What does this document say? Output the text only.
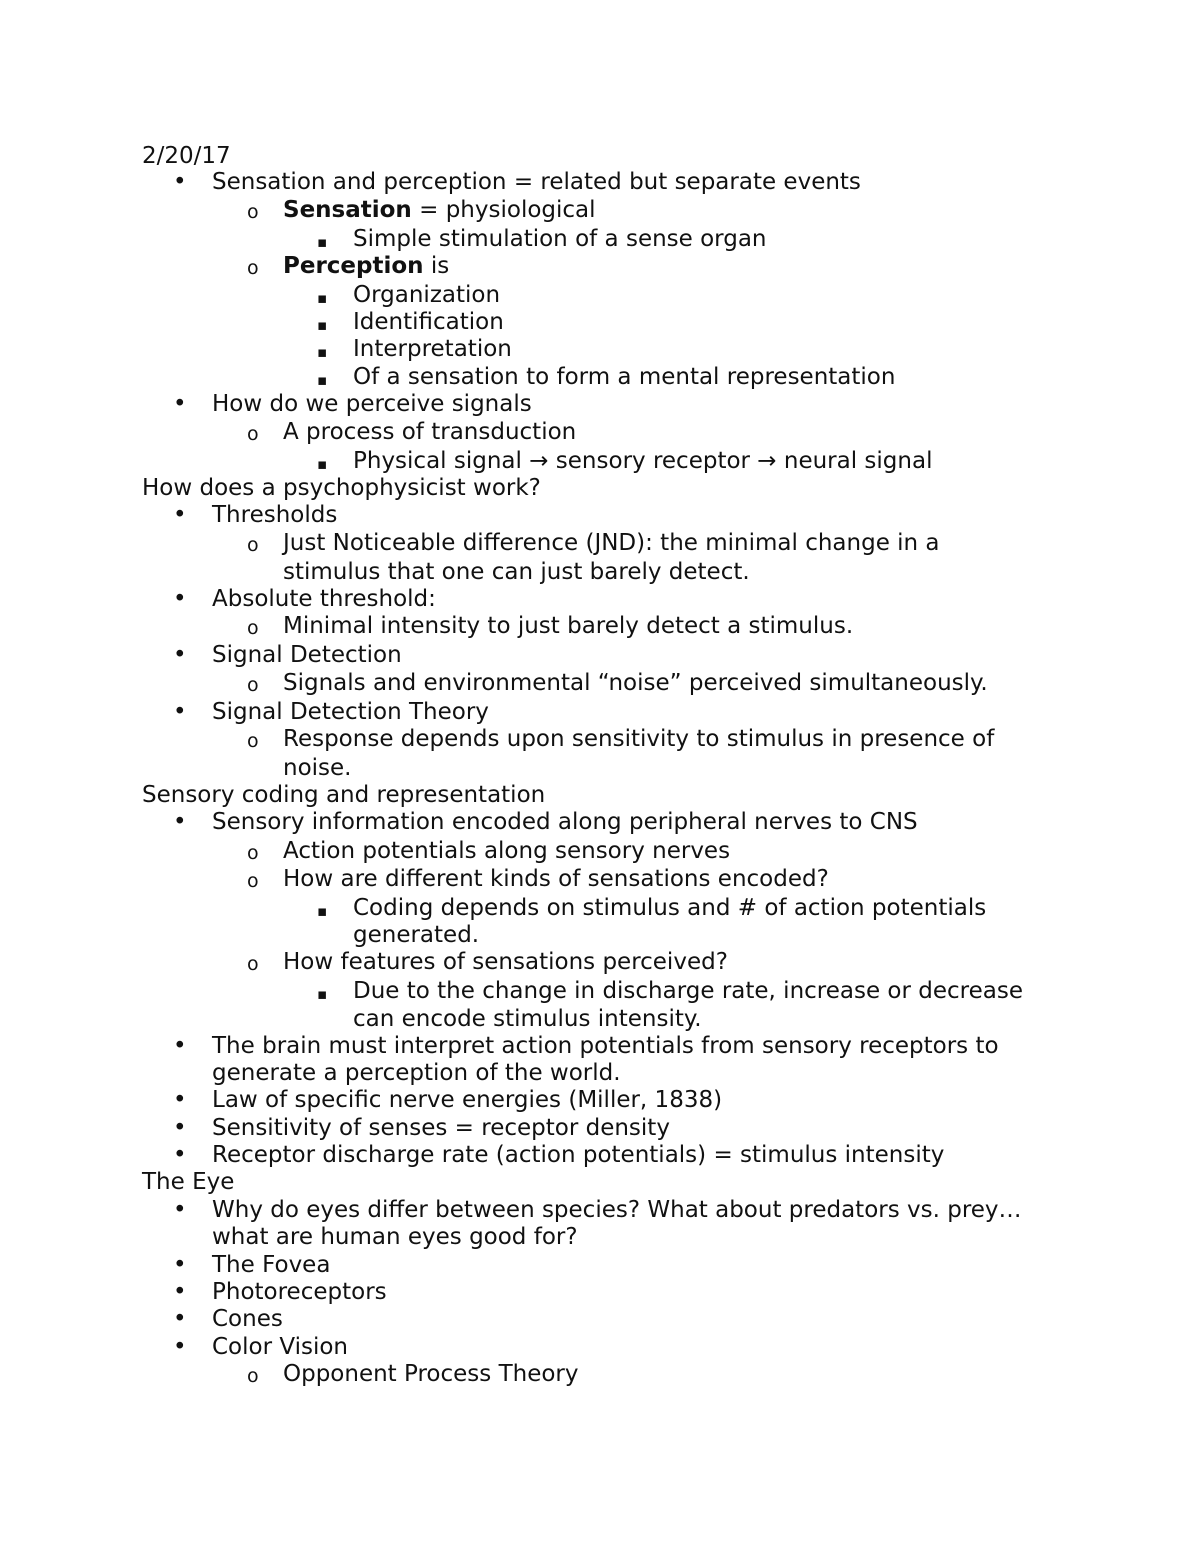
2/20/17
• Sensation and perception = related but separate events
o Sensation = physiological
▪ Simple stimulation of a sense organ
o Perception is
▪ Organization
▪ Identification
▪ Interpretation
▪ Of a sensation to form a mental representation
• How do we perceive signals
o A process of transduction
▪ Physical signal → sensory receptor → neural signal
How does a psychophysicist work?
• Thresholds
o Just Noticeable difference (JND): the minimal change in a
stimulus that one can just barely detect.
• Absolute threshold:
o Minimal intensity to just barely detect a stimulus.
• Signal Detection
o Signals and environmental “noise” perceived simultaneously.
• Signal Detection Theory
o Response depends upon sensitivity to stimulus in presence of
noise.
Sensory coding and representation
• Sensory information encoded along peripheral nerves to CNS
o Action potentials along sensory nerves
o How are different kinds of sensations encoded?
▪ Coding depends on stimulus and # of action potentials
generated.
o How features of sensations perceived?
▪ Due to the change in discharge rate, increase or decrease
can encode stimulus intensity.
• The brain must interpret action potentials from sensory receptors to
generate a perception of the world.
• Law of specific nerve energies (Miller, 1838)
• Sensitivity of senses = receptor density
• Receptor discharge rate (action potentials) = stimulus intensity
The Eye
• Why do eyes differ between species? What about predators vs. prey…
what are human eyes good for?
• The Fovea
• Photoreceptors
• Cones
• Color Vision
o Opponent Process Theory
